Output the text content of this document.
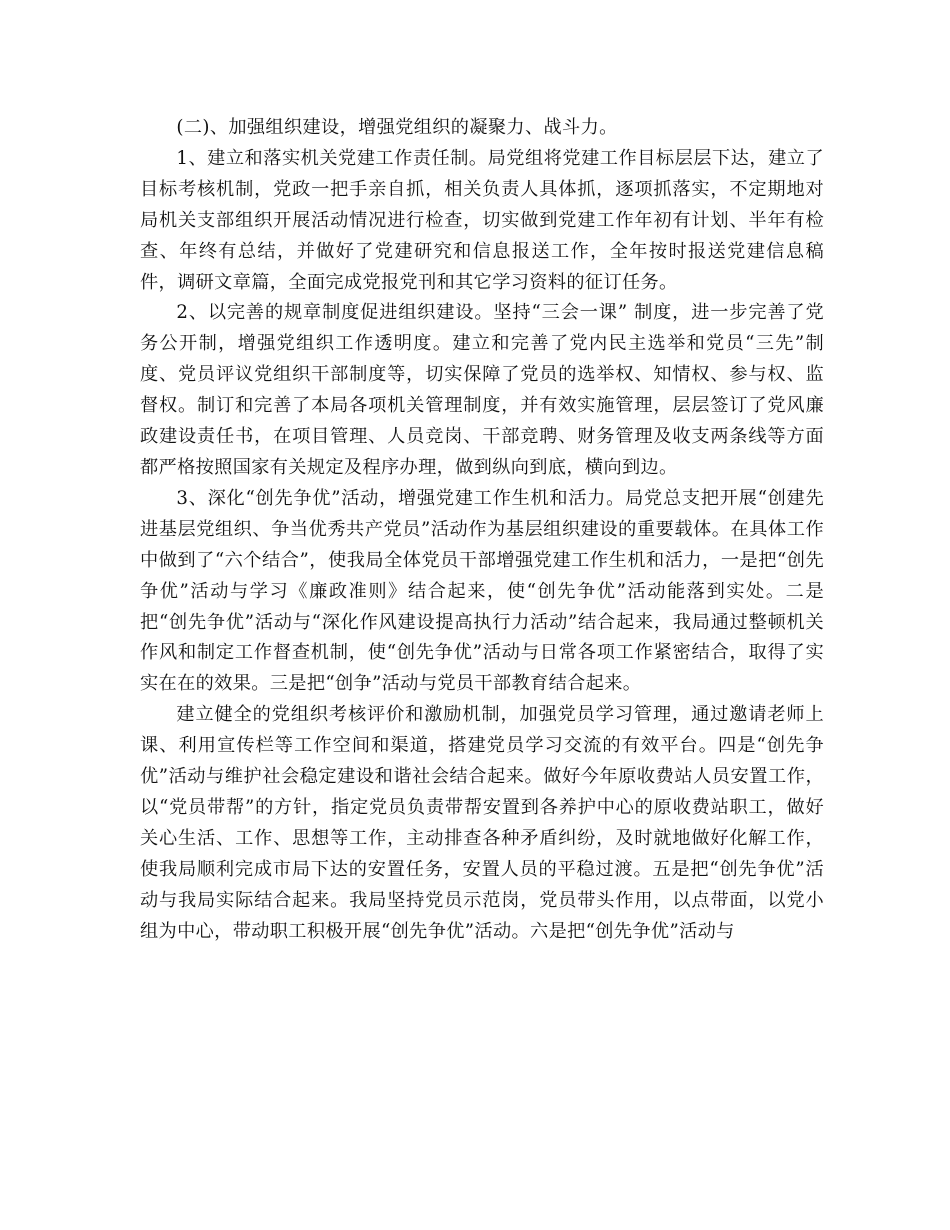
(二)、加强组织建设，增强党组织的凝聚力、战斗力。

1、建立和落实机关党建工作责任制。局党组将党建工作目标层层下达，建立了目标考核机制，党政一把手亲自抓，相关负责人具体抓，逐项抓落实，不定期地对局机关支部组织开展活动情况进行检查，切实做到党建工作年初有计划、半年有检查、年终有总结，并做好了党建研究和信息报送工作，全年按时报送党建信息稿件，调研文章篇，全面完成党报党刊和其它学习资料的征订任务。

2、以完善的规章制度促进组织建设。坚持“三会一课” 制度，进一步完善了党务公开制，增强党组织工作透明度。建立和完善了党内民主选举和党员“三先”制度、党员评议党组织干部制度等，切实保障了党员的选举权、知情权、参与权、监督权。制订和完善了本局各项机关管理制度，并有效实施管理，层层签订了党风廉政建设责任书，在项目管理、人员竞岗、干部竞聘、财务管理及收支两条线等方面都严格按照国家有关规定及程序办理，做到纵向到底，横向到边。

3、深化“创先争优”活动，增强党建工作生机和活力。局党总支把开展“创建先进基层党组织、争当优秀共产党员”活动作为基层组织建设的重要载体。在具体工作中做到了“六个结合”，使我局全体党员干部增强党建工作生机和活力，一是把“创先争优”活动与学习《廉政准则》结合起来，使“创先争优”活动能落到实处。二是把“创先争优”活动与“深化作风建设提高执行力活动”结合起来，我局通过整顿机关作风和制定工作督查机制，使“创先争优”活动与日常各项工作紧密结合，取得了实实在在的效果。三是把“创争”活动与党员干部教育结合起来。

建立健全的党组织考核评价和激励机制，加强党员学习管理，通过邀请老师上课、利用宣传栏等工作空间和渠道，搭建党员学习交流的有效平台。四是“创先争优”活动与维护社会稳定建设和谐社会结合起来。做好今年原收费站人员安置工作，以“党员带帮”的方针，指定党员负责带帮安置到各养护中心的原收费站职工，做好关心生活、工作、思想等工作，主动排查各种矛盾纠纷，及时就地做好化解工作，使我局顺利完成市局下达的安置任务，安置人员的平稳过渡。五是把“创先争优”活动与我局实际结合起来。我局坚持党员示范岗，党员带头作用，以点带面，以党小组为中心，带动职工积极开展“创先争优”活动。六是把“创先争优”活动与
